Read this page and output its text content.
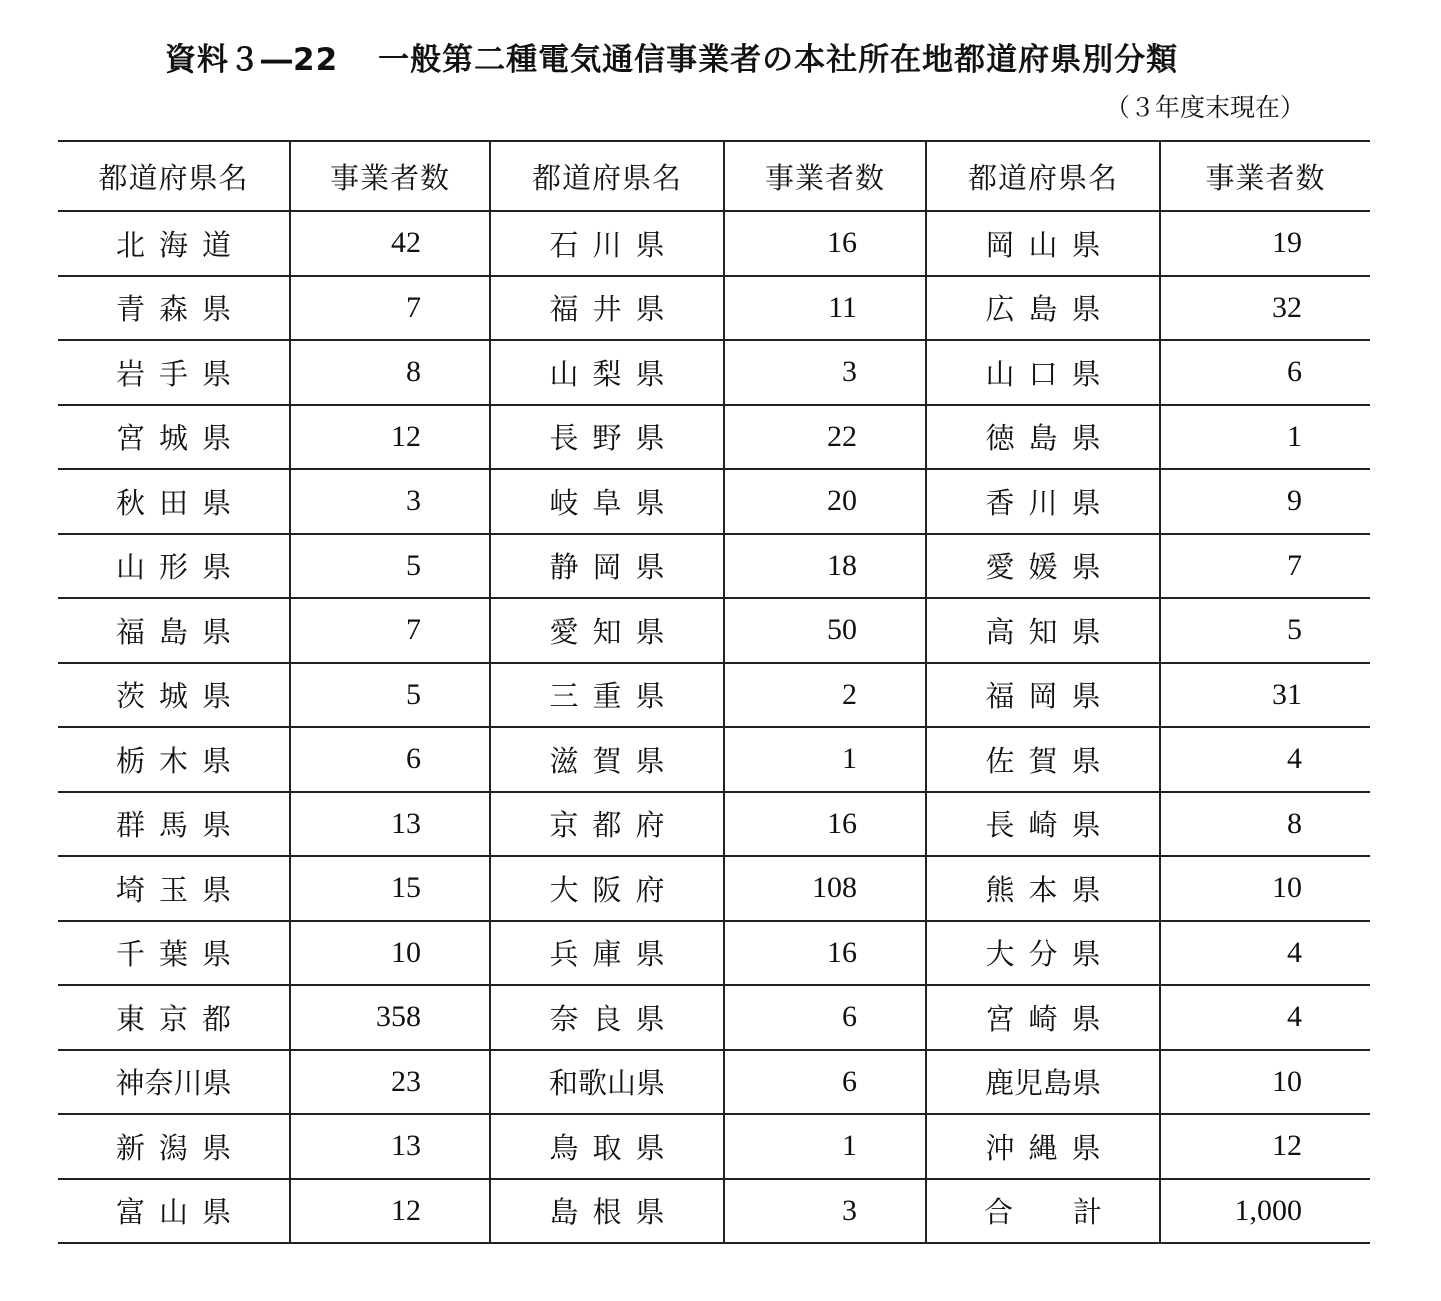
資料３―22 一般第二種電気通信事業者の本社所在地都道府県別分類
（３年度末現在）
都道府県名	事業者数	都道府県名	事業者数	都道府県名	事業者数
北海道	42	石川県	16	岡山県	19
青森県	7	福井県	11	広島県	32
岩手県	8	山梨県	3	山口県	6
宮城県	12	長野県	22	徳島県	1
秋田県	3	岐阜県	20	香川県	9
山形県	5	静岡県	18	愛媛県	7
福島県	7	愛知県	50	高知県	5
茨城県	5	三重県	2	福岡県	31
栃木県	6	滋賀県	1	佐賀県	4
群馬県	13	京都府	16	長崎県	8
埼玉県	15	大阪府	108	熊本県	10
千葉県	10	兵庫県	16	大分県	4
東京都	358	奈良県	6	宮崎県	4
神奈川県	23	和歌山県	6	鹿児島県	10
新潟県	13	鳥取県	1	沖縄県	12
富山県	12	島根県	3	合 計	1,000
